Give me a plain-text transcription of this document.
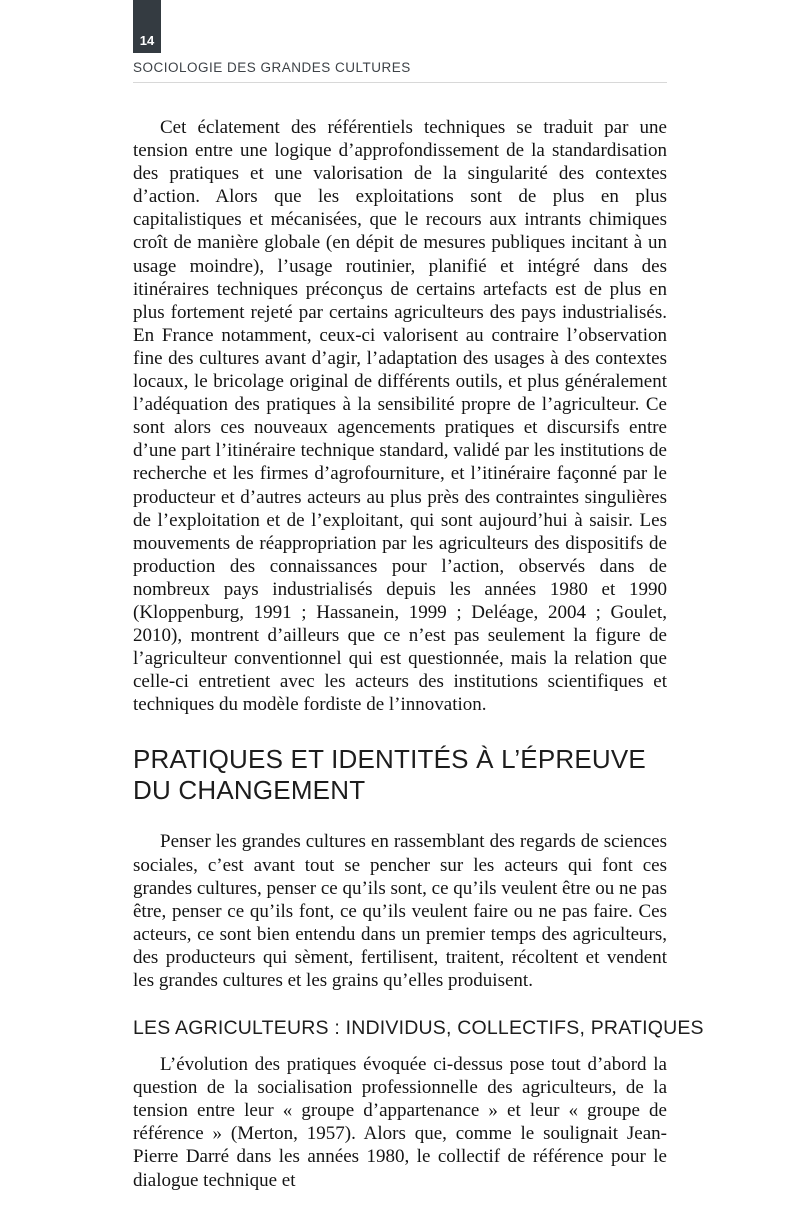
14
SOCIOLOGIE DES GRANDES CULTURES

Cet éclatement des référentiels techniques se traduit par une tension entre une logique d’approfondissement de la standardisation des pratiques et une valorisation de la singularité des contextes d’action. Alors que les exploitations sont de plus en plus capitalistiques et mécanisées, que le recours aux intrants chimiques croît de manière globale (en dépit de mesures publiques incitant à un usage moindre), l’usage routinier, planifié et intégré dans des itinéraires techniques préconçus de certains artefacts est de plus en plus fortement rejeté par certains agriculteurs des pays industrialisés. En France notamment, ceux-ci valorisent au contraire l’observation fine des cultures avant d’agir, l’adaptation des usages à des contextes locaux, le bricolage original de différents outils, et plus généralement l’adéquation des pratiques à la sensibilité propre de l’agriculteur. Ce sont alors ces nouveaux agencements pratiques et discursifs entre d’une part l’itinéraire technique standard, validé par les institutions de recherche et les firmes d’agrofourniture, et l’itinéraire façonné par le producteur et d’autres acteurs au plus près des contraintes singulières de l’exploitation et de l’exploitant, qui sont aujourd’hui à saisir. Les mouvements de réappropriation par les agriculteurs des dispositifs de production des connaissances pour l’action, observés dans de nombreux pays industrialisés depuis les années 1980 et 1990 (Kloppenburg, 1991 ; Hassanein, 1999 ; Deléage, 2004 ; Goulet, 2010), montrent d’ailleurs que ce n’est pas seulement la figure de l’agriculteur conventionnel qui est questionnée, mais la relation que celle-ci entretient avec les acteurs des institutions scientifiques et techniques du modèle fordiste de l’innovation.

PRATIQUES ET IDENTITÉS À L’ÉPREUVE
DU CHANGEMENT

Penser les grandes cultures en rassemblant des regards de sciences sociales, c’est avant tout se pencher sur les acteurs qui font ces grandes cultures, penser ce qu’ils sont, ce qu’ils veulent être ou ne pas être, penser ce qu’ils font, ce qu’ils veulent faire ou ne pas faire. Ces acteurs, ce sont bien entendu dans un premier temps des agriculteurs, des producteurs qui sèment, fertilisent, traitent, récoltent et vendent les grandes cultures et les grains qu’elles produisent.

LES AGRICULTEURS : INDIVIDUS, COLLECTIFS, PRATIQUES

L’évolution des pratiques évoquée ci-dessus pose tout d’abord la question de la socialisation professionnelle des agriculteurs, de la tension entre leur « groupe d’appartenance » et leur « groupe de référence » (Merton, 1957). Alors que, comme le soulignait Jean-Pierre Darré dans les années 1980, le collectif de référence pour le dialogue technique et
